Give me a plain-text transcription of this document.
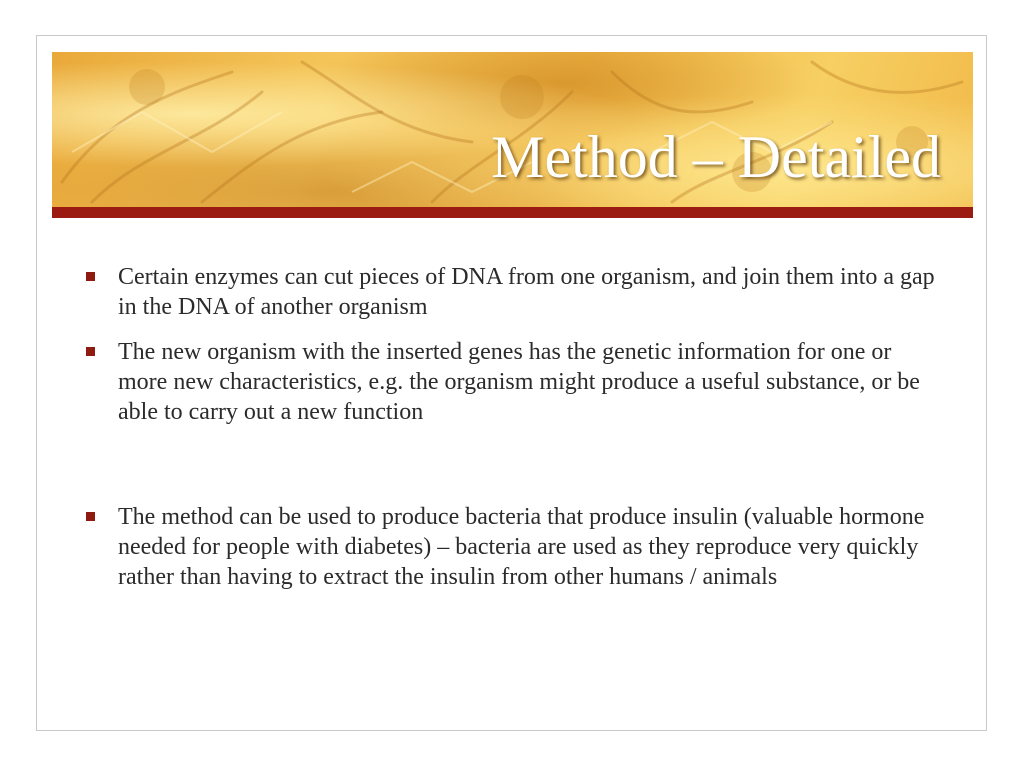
Method – Detailed
Certain enzymes can cut pieces of DNA from one organism, and join them into a gap in the DNA of another organism
The new organism with the inserted genes has the genetic information for one or more new characteristics, e.g. the organism might produce a useful substance, or be able to carry out a new function
The method can be used to produce bacteria that produce insulin (valuable hormone needed for people with diabetes) – bacteria are used as they reproduce very quickly rather than having to extract the insulin from other humans / animals
